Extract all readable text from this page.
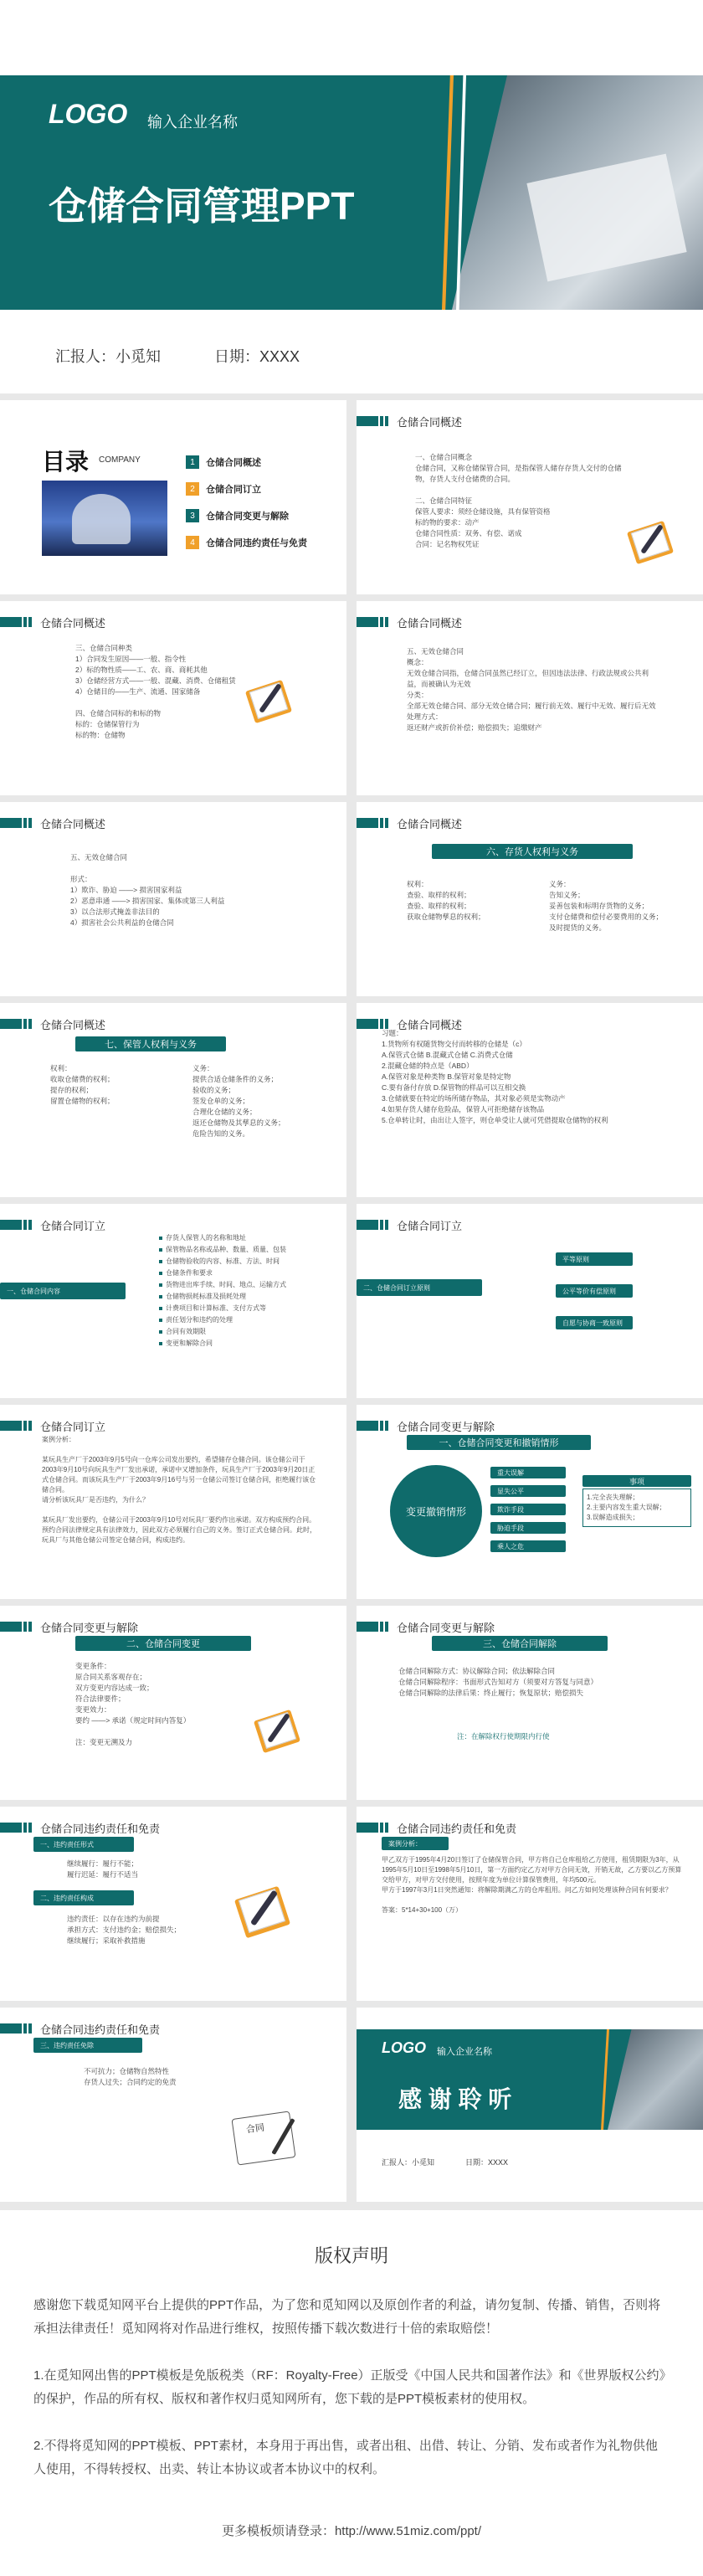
LOGO 输入企业名称
仓储合同管理PPT
汇报人：小觅知	日期：XXXX
目录 COMPANY	1	仓储合同概述
2	仓储合同订立
3	仓储合同变更与解除
4	仓储合同违约责任与免责
仓储合同概述
一、仓储合同概念
仓储合同，又称仓储保管合同，是指保管人储存存货人交付的仓储物，存货人支付仓储费的合同。

二、仓储合同特征
保管人要求：须经仓储设施，具有保管资格
标的物的要求：动产
仓储合同性质：双务、有偿、诺成
合同：记名物权凭证
仓储合同概述
三、仓储合同种类
1）合同发生原因——一般、指令性
2）标的物性质——工、农、商、商耗其他
3）仓储经营方式——一般、混藏、消费、仓储租赁
4）仓储目的——生产、流通、国家储备

四、仓储合同标的和标的物
标的：仓储保管行为
标的物：仓储物
仓储合同概述
五、无效仓储合同
概念：
无效仓储合同指，仓储合同虽然已经订立，但因违法法律、行政法规或公共利益，而被确认为无效
分类：
全部无效仓储合同、部分无效仓储合同；履行前无效、履行中无效、履行后无效
处理方式：
返还财产或折价补偿；赔偿损失；追缴财产
仓储合同概述
五、无效仓储合同

形式：
1）欺诈、胁迫 ——> 损害国家利益
2）恶意串通 ——> 损害国家、集体或第三人利益
3）以合法形式掩盖非法目的
4）损害社会公共利益的仓储合同
仓储合同概述
六、存货人权利与义务
权利：
查验、取样的权利；
查验、取样的权利；
获取仓储物孳息的权利；
义务：
告知义务；
妥善包装和标明存货物的义务；
支付仓储费和偿付必要费用的义务；
及时提货的义务。
仓储合同概述
七、保管人权利与义务
权利：
收取仓储费的权利；
提存的权利；
留置仓储物的权利；
义务：
提供合适仓储条件的义务；
验收的义务；
签发仓单的义务；
合理化仓储的义务；
返还仓储物及其孳息的义务；
危险告知的义务。
仓储合同概述
习题：
1.货物所有权随货物交付而转移的仓储是（c）
A.保管式仓储 B.混藏式仓储 C.消费式仓储
2.混藏仓储的特点是（ABD）
A.保管对象是种类物 B.保管对象是特定物
C.要有备付存放 D.保管物的样品可以互相交换
3.仓储就要在特定的场所储存物品，其对象必须是实物动产
4.如果存货人储存危险品，保管人可拒绝储存该物品
5.仓单转让时，由出让人签字，则仓单受让人就可凭借提取仓储物的权利
仓储合同订立
一、仓储合同内容
存货人保管人的名称和地址
保管物品名称或品种、数量、质量、包装
仓储物验收的内容、标准、方法、时间
仓储条件和要求
货物进出库手续、时间、地点、运输方式
仓储物损耗标准及损耗处理
计费项目和计算标准、支付方式等
责任划分和违约的处理
合同有效期限
变更和解除合同
仓储合同订立
二、仓储合同订立原则
平等原则
公平等价有偿原则
自愿与协商一致原则
仓储合同订立
案例分析：

某玩具生产厂于2003年9月5号向一仓库公司发出要约，希望储存仓储合同。该仓储公司于2003年9月10号向玩具生产厂发出承诺，承诺中又增加条件，玩具生产厂于2003年9月20日正式仓储合同。而该玩具生产厂于2003年9月16号与另一仓储公司签订仓储合同，拒绝履行该仓储合同。
请分析该玩具厂是否违约，为什么？

某玩具厂发出要约，仓储公司于2003年9月10号对玩具厂要约作出承诺。双方构成预约合同。预约合同法律规定具有法律效力，因此双方必须履行自己的义务。签订正式仓储合同。此时，玩具厂与其他仓储公司签定仓储合同，构成违约。
仓储合同变更与解除
一、仓储合同变更和撤销情形
变更撤销情形
重大误解
显失公平
欺诈手段
胁迫手段
乘人之危
事项
1.完全丧失理解；
2.主要内容发生重大误解；
3.误解造成损失；
仓储合同变更与解除
二、仓储合同变更
变更条件：
原合同关系客观存在；
双方变更内容达成一致；
符合法律要件；
变更效力：
要约 ——> 承诺（规定时间内答复）

注：变更无溯及力
仓储合同变更与解除
三、仓储合同解除
仓储合同解除方式：协议解除合同；依法解除合同
仓储合同解除程序：书面形式告知对方（须要对方答复与同意）
仓储合同解除的法律后果：终止履行；恢复原状；赔偿损失
注：在解除权行使期限内行使
仓储合同违约责任和免责
一、违约责任形式
继续履行：履行不能；
履行迟延：履行不适当
二、违约责任构成
违约责任：以存在违约为前提
承担方式：支付违约金；赔偿损失；
继续履行；采取补救措施
仓储合同违约责任和免责
案例分析：
甲乙双方于1995年4月20日签订了仓储保管合同，甲方将自己仓库租给乙方使用，租赁期限为3年，从1995年5月10日至1998年5月10日，第一方面约定乙方对甲方合同无效，开销无故，乙方要以乙方预算交给甲方，对甲方交付使用，按照年度为单位计算保管费用，年均500元。
甲方于1997年3月1日突然通知：将解除期满乙方的仓库租用。问乙方如何处理该种合同有何要求？

答案：5*14+30+100（万）
仓储合同违约责任和免责
三、违约责任免除
不可抗力；仓储物自然特性
存货人过失；合同约定的免责
合同
LOGO 输入企业名称
感 谢 聆 听
汇报人：小觅知	日期：XXXX
版权声明
感谢您下载觅知网平台上提供的PPT作品，为了您和觅知网以及原创作者的利益，请勿复制、传播、销售，否则将承担法律责任！觅知网将对作品进行维权，按照传播下载次数进行十倍的索取赔偿！
1.在觅知网出售的PPT模板是免版税类（RF：Royalty-Free）正版受《中国人民共和国著作法》和《世界版权公约》的保护，作品的所有权、版权和著作权归觅知网所有，您下载的是PPT模板素材的使用权。
2.不得将觅知网的PPT模板、PPT素材，本身用于再出售，或者出租、出借、转让、分销、发布或者作为礼物供他人使用，不得转授权、出卖、转让本协议或者本协议中的权利。
更多模板烦请登录：http://www.51miz.com/ppt/
